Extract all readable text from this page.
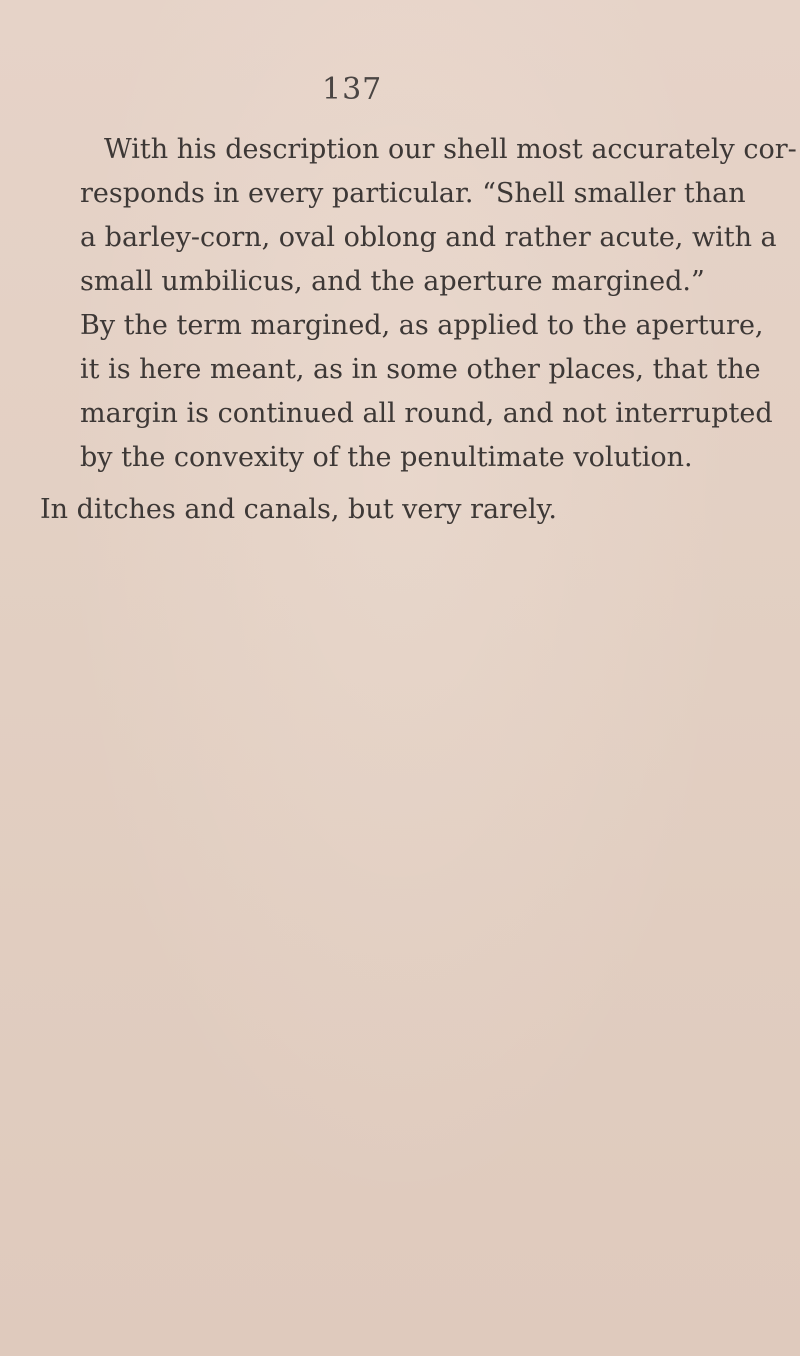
137
With his description our shell most accurately cor-
responds in every particular. “Shell smaller than
a barley-corn, oval oblong and rather acute, with a
small umbilicus, and the aperture margined.”
By the term margined, as applied to the aperture,
it is here meant, as in some other places, that the
margin is continued all round, and not interrupted
by the convexity of the penultimate volution.
In ditches and canals, but very rarely.
